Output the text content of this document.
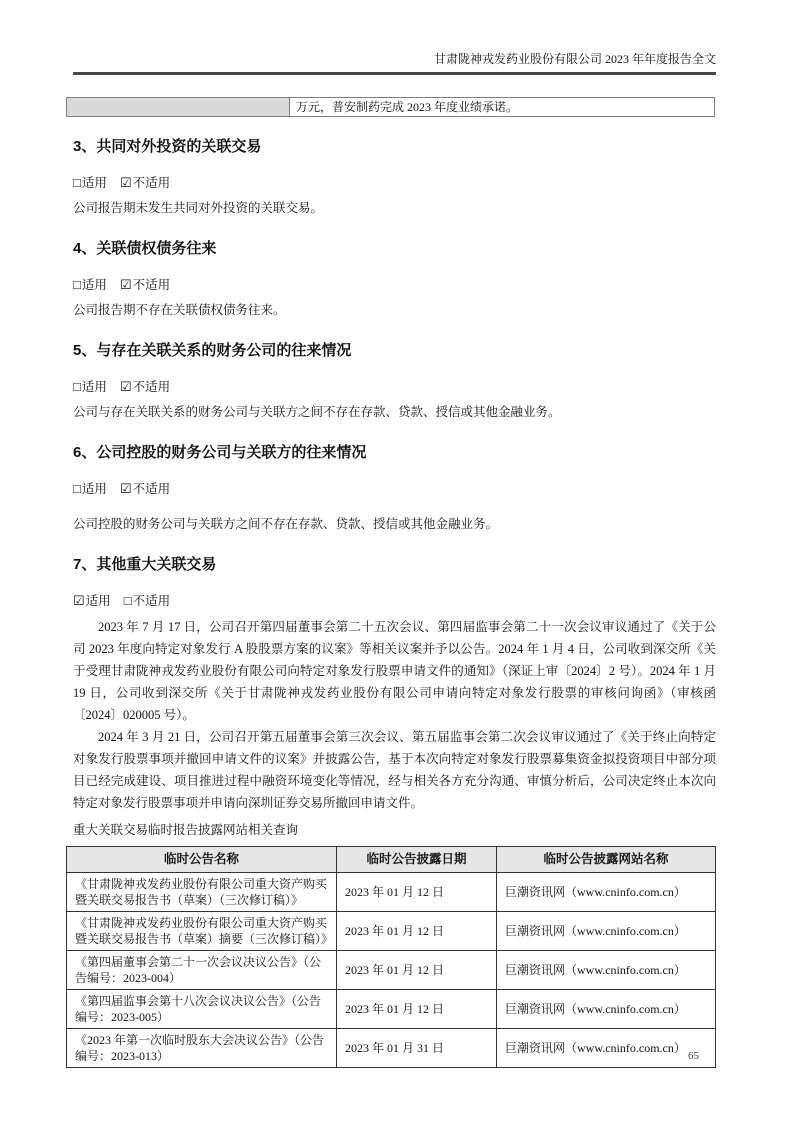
甘肃陇神戎发药业股份有限公司 2023 年年度报告全文
	万元，普安制药完成 2023 年度业绩承诺。
3、共同对外投资的关联交易
□适用 ☑不适用

公司报告期未发生共同对外投资的关联交易。

4、关联债权债务往来
□适用 ☑不适用

公司报告期不存在关联债权债务往来。

5、与存在关联关系的财务公司的往来情况
□适用 ☑不适用

公司与存在关联关系的财务公司与关联方之间不存在存款、贷款、授信或其他金融业务。

6、公司控股的财务公司与关联方的往来情况
□适用 ☑不适用

公司控股的财务公司与关联方之间不存在存款、贷款、授信或其他金融业务。

7、其他重大关联交易
☑适用 □不适用

2023 年 7 月 17 日，公司召开第四届董事会第二十五次会议、第四届监事会第二十一次会议审议通过了《关于公司 2023 年度向特定对象发行 A 股股票方案的议案》等相关议案并予以公告。2024 年 1 月 4 日，公司收到深交所《关于受理甘肃陇神戎发药业股份有限公司向特定对象发行股票申请文件的通知》（深证上审〔2024〕2 号）。2024 年 1 月 19 日，公司收到深交所《关于甘肃陇神戎发药业股份有限公司申请向特定对象发行股票的审核问询函》（审核函〔2024〕020005 号）。

2024 年 3 月 21 日，公司召开第五届董事会第三次会议、第五届监事会第二次会议审议通过了《关于终止向特定对象发行股票事项并撤回申请文件的议案》并披露公告，基于本次向特定对象发行股票募集资金拟投资项目中部分项目已经完成建设、项目推进过程中融资环境变化等情况，经与相关各方充分沟通、审慎分析后，公司决定终止本次向特定对象发行股票事项并申请向深圳证券交易所撤回申请文件。

重大关联交易临时报告披露网站相关查询

临时公告名称	临时公告披露日期	临时公告披露网站名称
《甘肃陇神戎发药业股份有限公司重大资产购买暨关联交易报告书（草案）（三次修订稿）》	2023 年 01 月 12 日	巨潮资讯网（www.cninfo.com.cn）
《甘肃陇神戎发药业股份有限公司重大资产购买暨关联交易报告书（草案）摘要（三次修订稿）》	2023 年 01 月 12 日	巨潮资讯网（www.cninfo.com.cn）
《第四届董事会第二十一次会议决议公告》（公告编号：2023-004）	2023 年 01 月 12 日	巨潮资讯网（www.cninfo.com.cn）
《第四届监事会第十八次会议决议公告》（公告编号：2023-005）	2023 年 01 月 12 日	巨潮资讯网（www.cninfo.com.cn）
《2023 年第一次临时股东大会决议公告》（公告编号：2023-013）	2023 年 01 月 31 日	巨潮资讯网（www.cninfo.com.cn）
65
